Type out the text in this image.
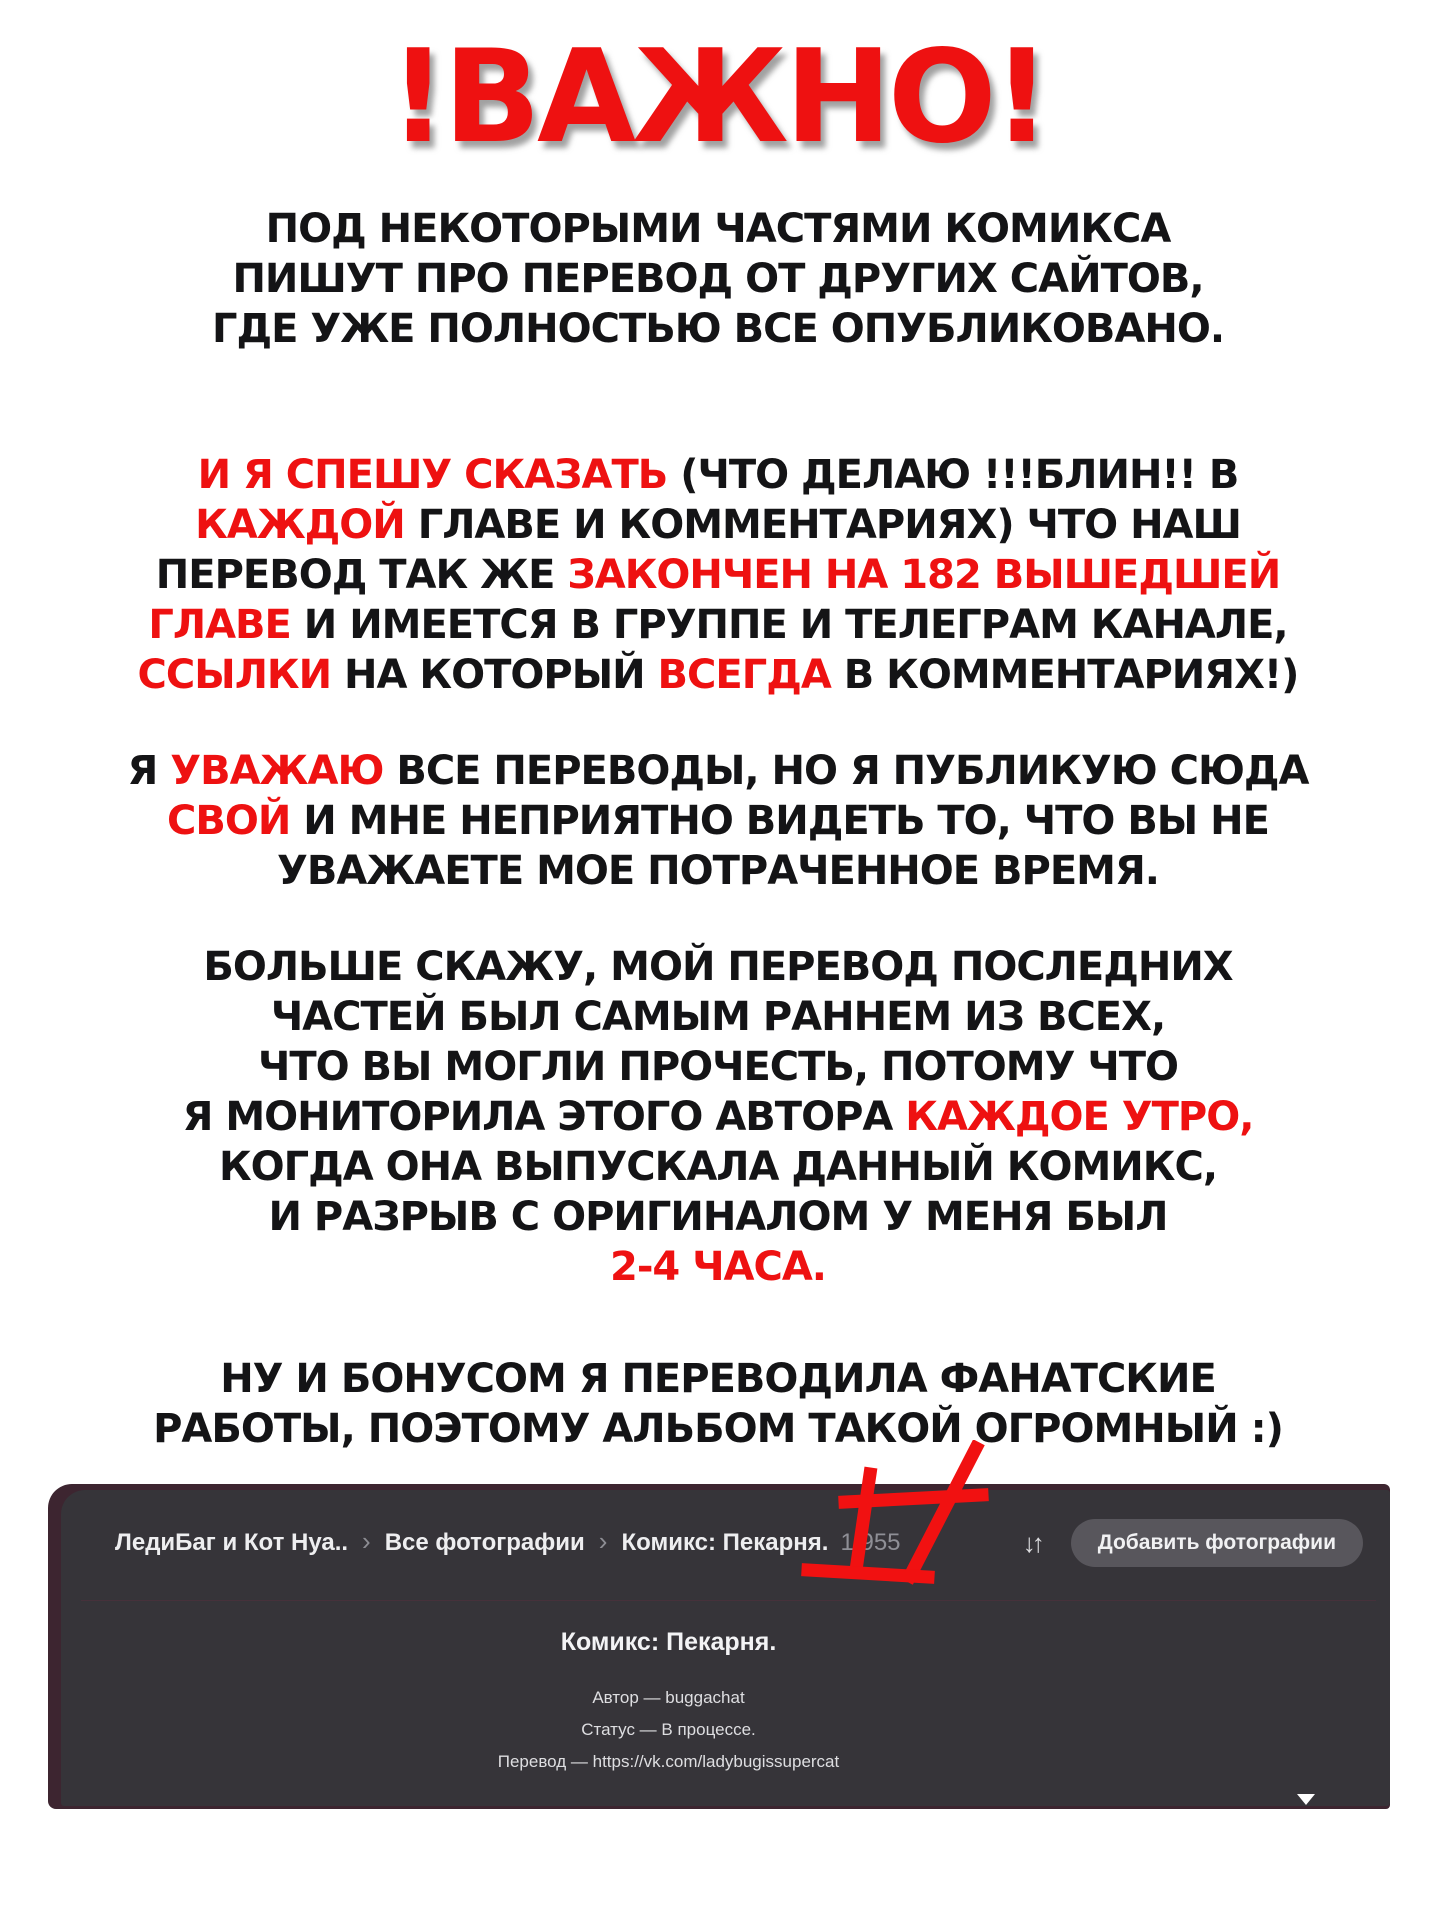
!ВАЖНО!
ПОД НЕКОТОРЫМИ ЧАСТЯМИ КОМИКСА
ПИШУТ ПРО ПЕРЕВОД ОТ ДРУГИХ САЙТОВ,
ГДЕ УЖЕ ПОЛНОСТЬЮ ВСЕ ОПУБЛИКОВАНО.
И Я СПЕШУ СКАЗАТЬ (ЧТО ДЕЛАЮ !!!БЛИН!! В
КАЖДОЙ ГЛАВЕ И КОММЕНТАРИЯХ) ЧТО НАШ
ПЕРЕВОД ТАК ЖЕ ЗАКОНЧЕН НА 182 ВЫШЕДШЕЙ
ГЛАВЕ И ИМЕЕТСЯ В ГРУППЕ И ТЕЛЕГРАМ КАНАЛЕ,
ССЫЛКИ НА КОТОРЫЙ ВСЕГДА В КОММЕНТАРИЯХ!)
Я УВАЖАЮ ВСЕ ПЕРЕВОДЫ, НО Я ПУБЛИКУЮ СЮДА
СВОЙ И МНЕ НЕПРИЯТНО ВИДЕТЬ ТО, ЧТО ВЫ НЕ
УВАЖАЕТЕ МОЕ ПОТРАЧЕННОЕ ВРЕМЯ.
БОЛЬШЕ СКАЖУ, МОЙ ПЕРЕВОД ПОСЛЕДНИХ
ЧАСТЕЙ БЫЛ САМЫМ РАННЕМ ИЗ ВСЕХ,
ЧТО ВЫ МОГЛИ ПРОЧЕСТЬ, ПОТОМУ ЧТО
Я МОНИТОРИЛА ЭТОГО АВТОРА КАЖДОЕ УТРО,
КОГДА ОНА ВЫПУСКАЛА ДАННЫЙ КОМИКС,
И РАЗРЫВ С ОРИГИНАЛОМ У МЕНЯ БЫЛ
2-4 ЧАСА.
НУ И БОНУСОМ Я ПЕРЕВОДИЛА ФАНАТСКИЕ
РАБОТЫ, ПОЭТОМУ АЛЬБОМ ТАКОЙ ОГРОМНЫЙ :)
ЛедиБаг и Кот Нуа.. › Все фотографии › Комикс: Пекарня. 1 955	↓↑	Добавить фотографии
Комикс: Пекарня.
Автор — buggachat
Статус — В процессе.
Перевод — https://vk.com/ladybugissupercat
